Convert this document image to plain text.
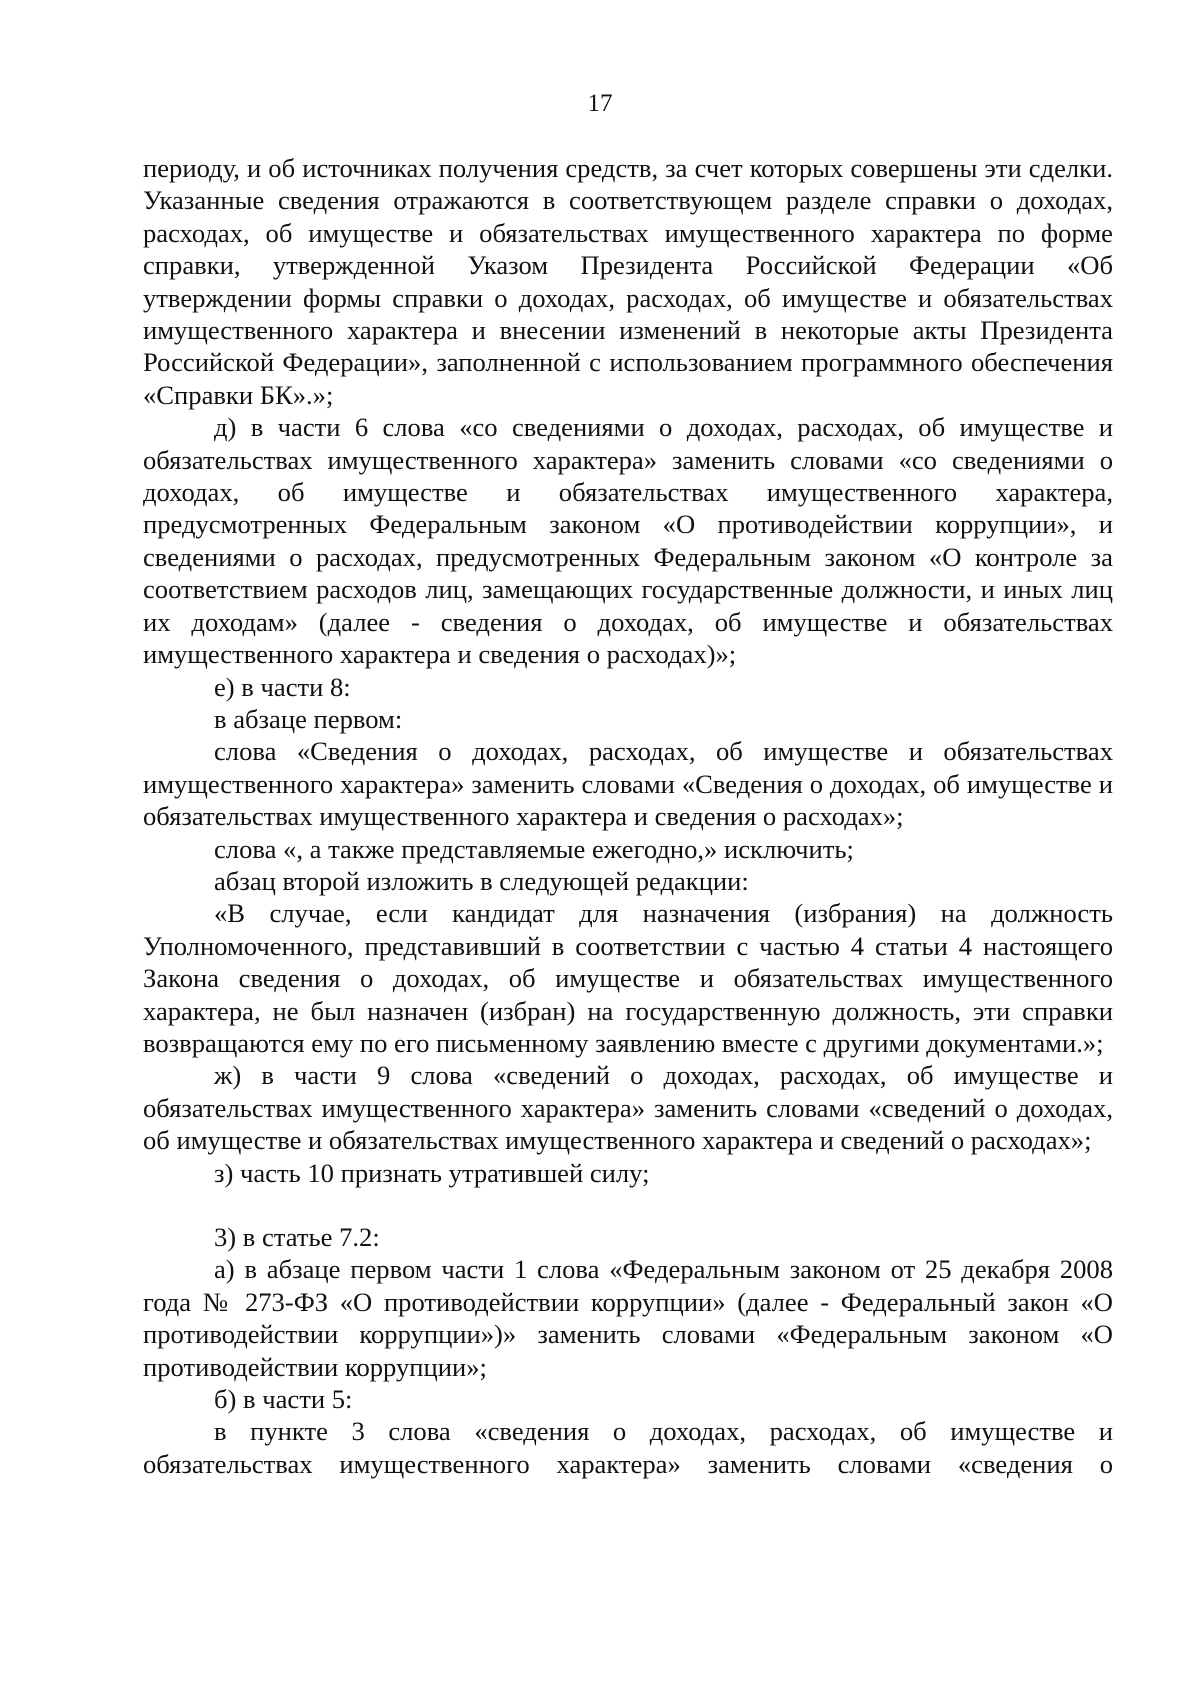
17

периоду, и об источниках получения средств, за счет которых совершены эти сделки. Указанные сведения отражаются в соответствующем разделе справки о доходах, расходах, об имуществе и обязательствах имущественного характера по форме справки, утвержденной Указом Президента Российской Федерации «Об утверждении формы справки о доходах, расходах, об имуществе и обязательствах имущественного характера и внесении изменений в некоторые акты Президента Российской Федерации», заполненной с использованием программного обеспечения «Справки БК».»;

д) в части 6 слова «со сведениями о доходах, расходах, об имуществе и обязательствах имущественного характера» заменить словами «со сведениями о доходах, об имуществе и обязательствах имущественного характера, предусмотренных Федеральным законом «О противодействии коррупции», и сведениями о расходах, предусмотренных Федеральным законом «О контроле за соответствием расходов лиц, замещающих государственные должности, и иных лиц их доходам» (далее - сведения о доходах, об имуществе и обязательствах имущественного характера и сведения о расходах)»;

е) в части 8:

в абзаце первом:

слова «Сведения о доходах, расходах, об имуществе и обязательствах имущественного характера» заменить словами «Сведения о доходах, об имуществе и обязательствах имущественного характера и сведения о расходах»;

слова «, а также представляемые ежегодно,» исключить;

абзац второй изложить в следующей редакции:

«В случае, если кандидат для назначения (избрания) на должность Уполномоченного, представивший в соответствии с частью 4 статьи 4 настоящего Закона сведения о доходах, об имуществе и обязательствах имущественного характера, не был назначен (избран) на государственную должность, эти справки возвращаются ему по его письменному заявлению вместе с другими документами.»;

ж) в части 9 слова «сведений о доходах, расходах, об имуществе и обязательствах имущественного характера» заменить словами «сведений о доходах, об имуществе и обязательствах имущественного характера и сведений о расходах»;

з) часть 10 признать утратившей силу;

3) в статье 7.2:

а) в абзаце первом части 1 слова «Федеральным законом от 25 декабря 2008 года № 273-ФЗ «О противодействии коррупции» (далее - Федеральный закон «О противодействии коррупции»)» заменить словами «Федеральным законом «О противодействии коррупции»;

б) в части 5:

в пункте 3 слова «сведения о доходах, расходах, об имуществе и обязательствах имущественного характера» заменить словами «сведения о
